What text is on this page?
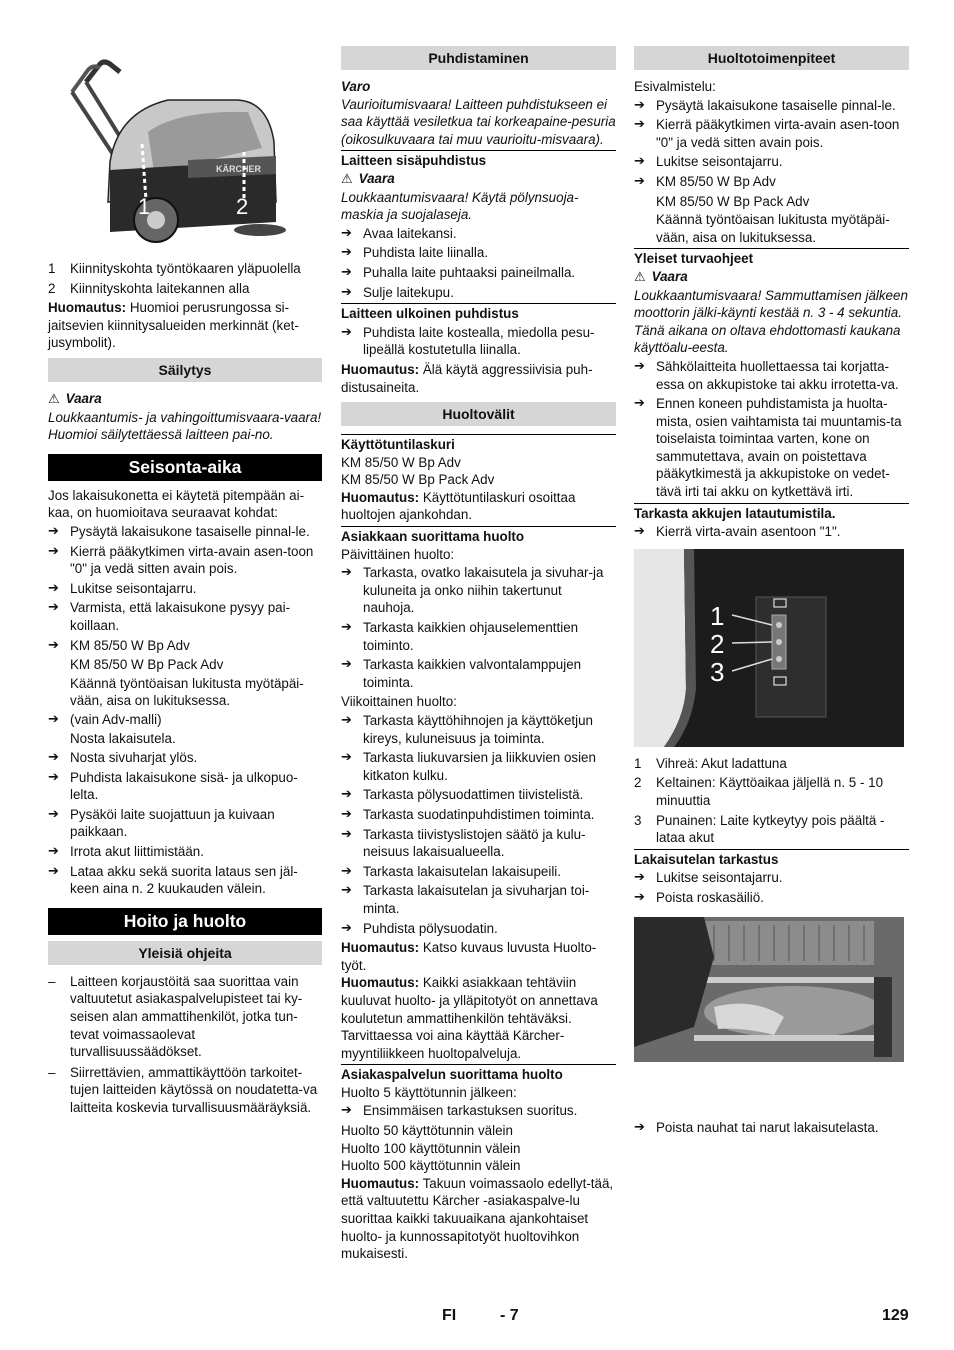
KÄRCHER
1	2
1 Kiinnityskohta työntökaaren yläpuolella
2 Kiinnityskohta laitekannen alla

Huomautus: Huomioi perusrungossa si-jaitsevien kiinnitysalueiden merkinnät (ket-jusymbolit).

Säilytys
⚠ Vaara

Loukkaantumis- ja vahingoittumisvaara-vaara! Huomioi säilytettäessä laitteen pai-no.

Seisonta-aika

Jos lakaisukonetta ei käytetä pitempään ai-kaa, on huomioitava seuraavat kohdat:

➔ Pysäytä lakaisukone tasaiselle pinnal-le.
➔ Kierrä pääkytkimen virta-avain asen-toon "0" ja vedä sitten avain pois.
➔ Lukitse seisontajarru.
➔ Varmista, että lakaisukone pysyy pai-koillaan.
➔ KM 85/50 W Bp Adv
KM 85/50 W Bp Pack Adv
Käännä työntöaisan lukitusta myötäpäi-vään, aisa on lukituksessa.
➔ (vain Adv-malli)
Nosta lakaisutela.
➔ Nosta sivuharjat ylös.
➔ Puhdista lakaisukone sisä- ja ulkopuo-lelta.
➔ Pysäköi laite suojattuun ja kuivaan paikkaan.
➔ Irrota akut liittimistään.
➔ Lataa akku sekä suorita lataus sen jäl-keen aina n. 2 kuukauden välein.
Hoito ja huolto
Yleisiä ohjeita
– Laitteen korjaustöitä saa suorittaa vain valtuutetut asiakaspalvelupisteet tai ky-seisen alan ammattihenkilöt, jotka tun-tevat voimassaolevat turvallisuussäädökset.
– Siirrettävien, ammattikäyttöön tarkoitet-tujen laitteiden käytössä on noudatetta-va laitteita koskevia turvallisuusmääräyksiä.
Puhdistaminen

Varo

Vaurioitumisvaara! Laitteen puhdistukseen ei saa käyttää vesiletkua tai korkeapaine-pesuria (oikosulkuvaara tai muu vaurioitu-misvaara).

Laitteen sisäpuhdistus
⚠ Vaara

Loukkaantumisvaara! Käytä pölynsuoja-maskia ja suojalaseja.

➔ Avaa laitekansi.
➔ Puhdista laite liinalla.
➔ Puhalla laite puhtaaksi paineilmalla.
➔ Sulje laitekupu.
Laitteen ulkoinen puhdistus
➔ Puhdista laite kostealla, miedolla pesu-lipeällä kostutetulla liinalla.

Huomautus: Älä käytä aggressiivisia puh-distusaineita.

Huoltovälit
Käyttötuntilaskuri

KM 85/50 W Bp Adv

KM 85/50 W Bp Pack Adv

Huomautus: Käyttötuntilaskuri osoittaa huoltojen ajankohdan.

Asiakkaan suorittama huolto

Päivittäinen huolto:

➔ Tarkasta, ovatko lakaisutela ja sivuhar-ja kuluneita ja onko niihin takertunut nauhoja.
➔ Tarkasta kaikkien ohjauselementtien toiminto.
➔ Tarkasta kaikkien valvontalamppujen toiminta.

Viikoittainen huolto:

➔ Tarkasta käyttöhihnojen ja käyttöketjun kireys, kuluneisuus ja toiminta.
➔ Tarkasta liukuvarsien ja liikkuvien osien kitkaton kulku.
➔ Tarkasta pölysuodattimen tiivistelistä.
➔ Tarkasta suodatinpuhdistimen toiminta.
➔ Tarkasta tiivistyslistojen säätö ja kulu-neisuus lakaisualueella.
➔ Tarkasta lakaisutelan lakaisupeili.
➔ Tarkasta lakaisutelan ja sivuharjan toi-minta.
➔ Puhdista pölysuodatin.

Huomautus: Katso kuvaus luvusta Huolto-työt.

Huomautus: Kaikki asiakkaan tehtäviin kuuluvat huolto- ja ylläpitotyöt on annettava koulutetun ammattihenkilön tehtäväksi. Tarvittaessa voi aina käyttää Kärcher-myyntiliikkeen huoltopalveluja.

Asiakaspalvelun suorittama huolto

Huolto 5 käyttötunnin jälkeen:

➔ Ensimmäisen tarkastuksen suoritus.

Huolto 50 käyttötunnin välein

Huolto 100 käyttötunnin välein

Huolto 500 käyttötunnin välein

Huomautus: Takuun voimassaolo edellyt-tää, että valtuutettu Kärcher -asiakaspalve-lu suorittaa kaikki takuuaikana ajankohtaiset huolto- ja kunnossapitotyöt huoltovihkon mukaisesti.

Huoltotoimenpiteet

Esivalmistelu:

➔ Pysäytä lakaisukone tasaiselle pinnal-le.
➔ Kierrä pääkytkimen virta-avain asen-toon "0" ja vedä sitten avain pois.
➔ Lukitse seisontajarru.
➔ KM 85/50 W Bp Adv
KM 85/50 W Bp Pack Adv
Käännä työntöaisan lukitusta myötäpäi-vään, aisa on lukituksessa.
Yleiset turvaohjeet
⚠ Vaara

Loukkaantumisvaara! Sammuttamisen jälkeen moottorin jälki-käynti kestää n. 3 - 4 sekuntia. Tänä aikana on oltava ehdottomasti kaukana käyttöalu-eesta.

➔ Sähkölaitteita huollettaessa tai korjatta-essa on akkupistoke tai akku irrotetta-va.
➔ Ennen koneen puhdistamista ja huolta-mista, osien vaihtamista tai muuntamis-ta toiselaista toimintaa varten, kone on sammutettava, avain on poistettava pääkytkimestä ja akkupistoke on vedet-tävä irti tai akku on kytkettävä irti.
Tarkasta akkujen latautumistila.
➔ Kierrä virta-avain asentoon "1".
1
2
3
1 Vihreä: Akut ladattuna
2 Keltainen: Käyttöaikaa jäljellä n. 5 - 10 minuuttia
3 Punainen: Laite kytkeytyy pois päältä - lataa akut
Lakaisutelan tarkastus
➔ Lukitse seisontajarru.
➔ Poista roskasäiliö.
➔ Poista nauhat tai narut lakaisutelasta.
FI	- 7	129
